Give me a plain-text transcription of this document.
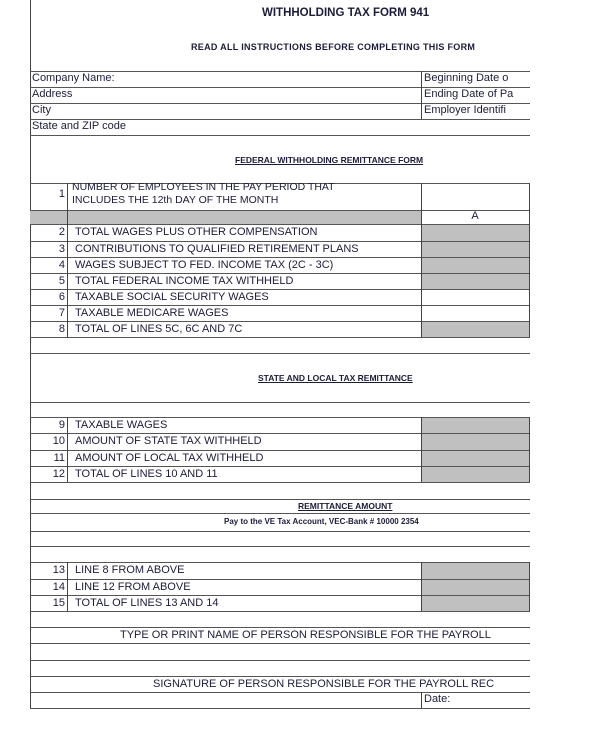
WITHHOLDING TAX FORM 941
READ ALL INSTRUCTIONS BEFORE COMPLETING THIS FORM
Company Name:
Address
City
State and ZIP code
Beginning Date o
Ending Date of Pa
Employer Identifi
FEDERAL WITHHOLDING REMITTANCE FORM
1
NUMBER OF EMPLOYEES IN THE PAY PERIOD THAT
INCLUDES THE 12th DAY OF THE MONTH
A
2 TOTAL WAGES PLUS OTHER COMPENSATION
3 CONTRIBUTIONS TO QUALIFIED RETIREMENT PLANS
4 WAGES SUBJECT TO FED. INCOME TAX (2C - 3C)
5 TOTAL FEDERAL INCOME TAX WITHHELD
6 TAXABLE SOCIAL SECURITY WAGES
7 TAXABLE MEDICARE WAGES
8 TOTAL OF LINES 5C, 6C AND 7C
STATE AND LOCAL TAX REMITTANCE
9 TAXABLE WAGES
10 AMOUNT OF STATE TAX WITHHELD
11 AMOUNT OF LOCAL TAX WITHHELD
12 TOTAL OF LINES 10 AND 11
REMITTANCE AMOUNT
Pay to the VE Tax Account, VEC-Bank # 10000 2354
13 LINE 8 FROM ABOVE
14 LINE 12 FROM ABOVE
15 TOTAL OF LINES 13 AND 14
TYPE OR PRINT NAME OF PERSON RESPONSIBLE FOR THE PAYROLL
SIGNATURE OF PERSON RESPONSIBLE FOR THE PAYROLL REC
Date:
